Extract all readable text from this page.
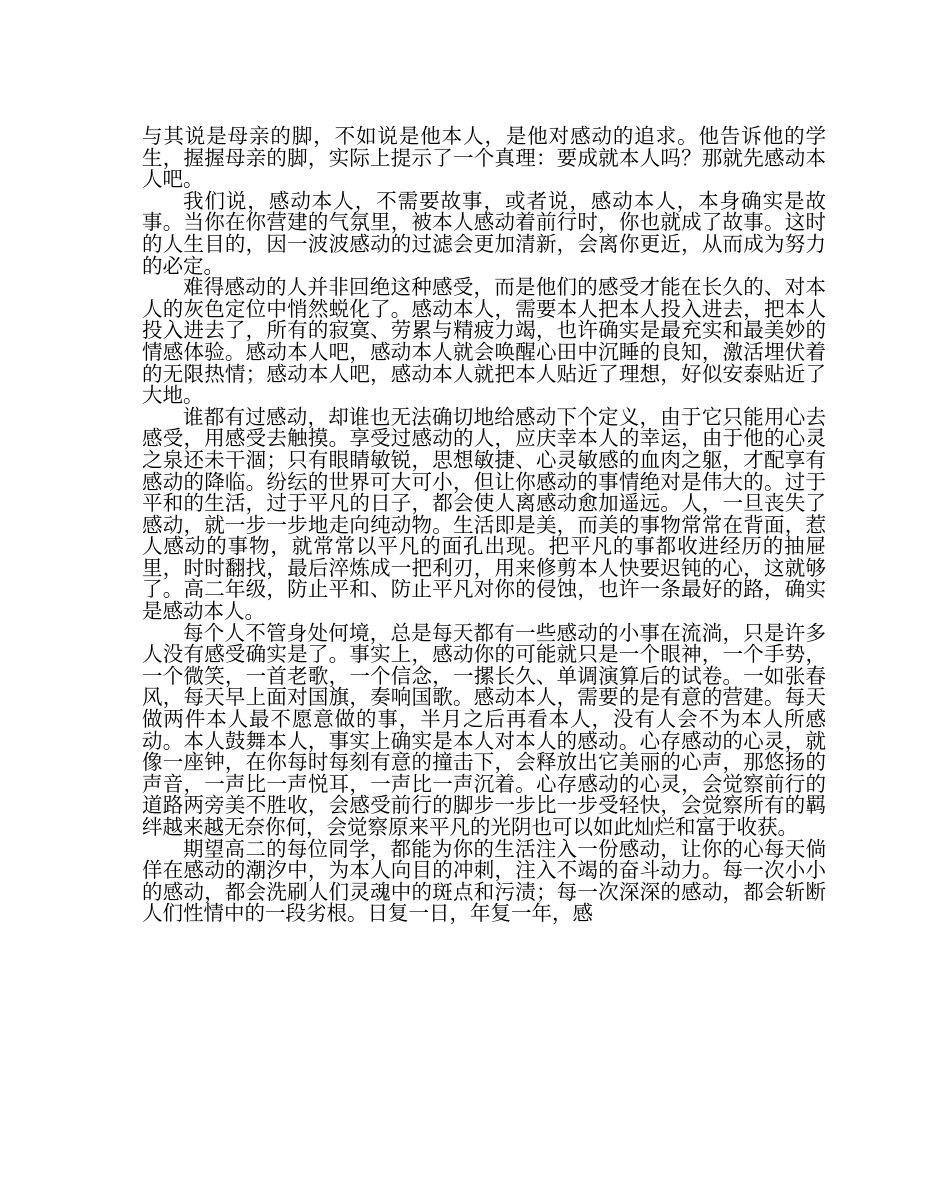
与其说是母亲的脚，不如说是他本人，是他对感动的追求。他告诉他的学生，握握母亲的脚，实际上提示了一个真理：要成就本人吗？那就先感动本人吧。

我们说，感动本人，不需要故事，或者说，感动本人，本身确实是故事。当你在你营建的气氛里，被本人感动着前行时，你也就成了故事。这时的人生目的，因一波波感动的过滤会更加清新，会离你更近，从而成为努力的必定。

难得感动的人并非回绝这种感受，而是他们的感受才能在长久的、对本人的灰色定位中悄然蜕化了。感动本人，需要本人把本人投入进去，把本人投入进去了，所有的寂寞、劳累与精疲力竭，也许确实是最充实和最美妙的情感体验。感动本人吧，感动本人就会唤醒心田中沉睡的良知，激活埋伏着的无限热情；感动本人吧，感动本人就把本人贴近了理想，好似安泰贴近了大地。

谁都有过感动，却谁也无法确切地给感动下个定义，由于它只能用心去感受，用感受去触摸。享受过感动的人，应庆幸本人的幸运，由于他的心灵之泉还未干涸；只有眼睛敏锐，思想敏捷、心灵敏感的血肉之躯，才配享有感动的降临。纷纭的世界可大可小，但让你感动的事情绝对是伟大的。过于平和的生活，过于平凡的日子，都会使人离感动愈加遥远。人，一旦丧失了感动，就一步一步地走向纯动物。生活即是美，而美的事物常常在背面，惹人感动的事物，就常常以平凡的面孔出现。把平凡的事都收进经历的抽屉里，时时翻找，最后淬炼成一把利刃，用来修剪本人快要迟钝的心，这就够了。高二年级，防止平和、防止平凡对你的侵蚀，也许一条最好的路，确实是感动本人。

每个人不管身处何境，总是每天都有一些感动的小事在流淌，只是许多人没有感受确实是了。事实上，感动你的可能就只是一个眼神，一个手势，一个微笑，一首老歌，一个信念，一摞长久、单调演算后的试卷。一如张春风，每天早上面对国旗，奏响国歌。感动本人，需要的是有意的营建。每天做两件本人最不愿意做的事，半月之后再看本人，没有人会不为本人所感动。本人鼓舞本人，事实上确实是本人对本人的感动。心存感动的心灵，就像一座钟，在你每时每刻有意的撞击下，会释放出它美丽的心声，那悠扬的声音，一声比一声悦耳，一声比一声沉着。心存感动的心灵，会觉察前行的道路两旁美不胜收，会感受前行的脚步一步比一步受轻快，会觉察所有的羁绊越来越无奈你何，会觉察原来平凡的光阴也可以如此灿烂和富于收获。

期望高二的每位同学，都能为你的生活注入一份感动，让你的心每天倘佯在感动的潮汐中，为本人向目的冲刺，注入不竭的奋斗动力。每一次小小的感动，都会洗刷人们灵魂中的斑点和污渍；每一次深深的感动，都会斩断人们性情中的一段劣根。日复一日，年复一年，感
